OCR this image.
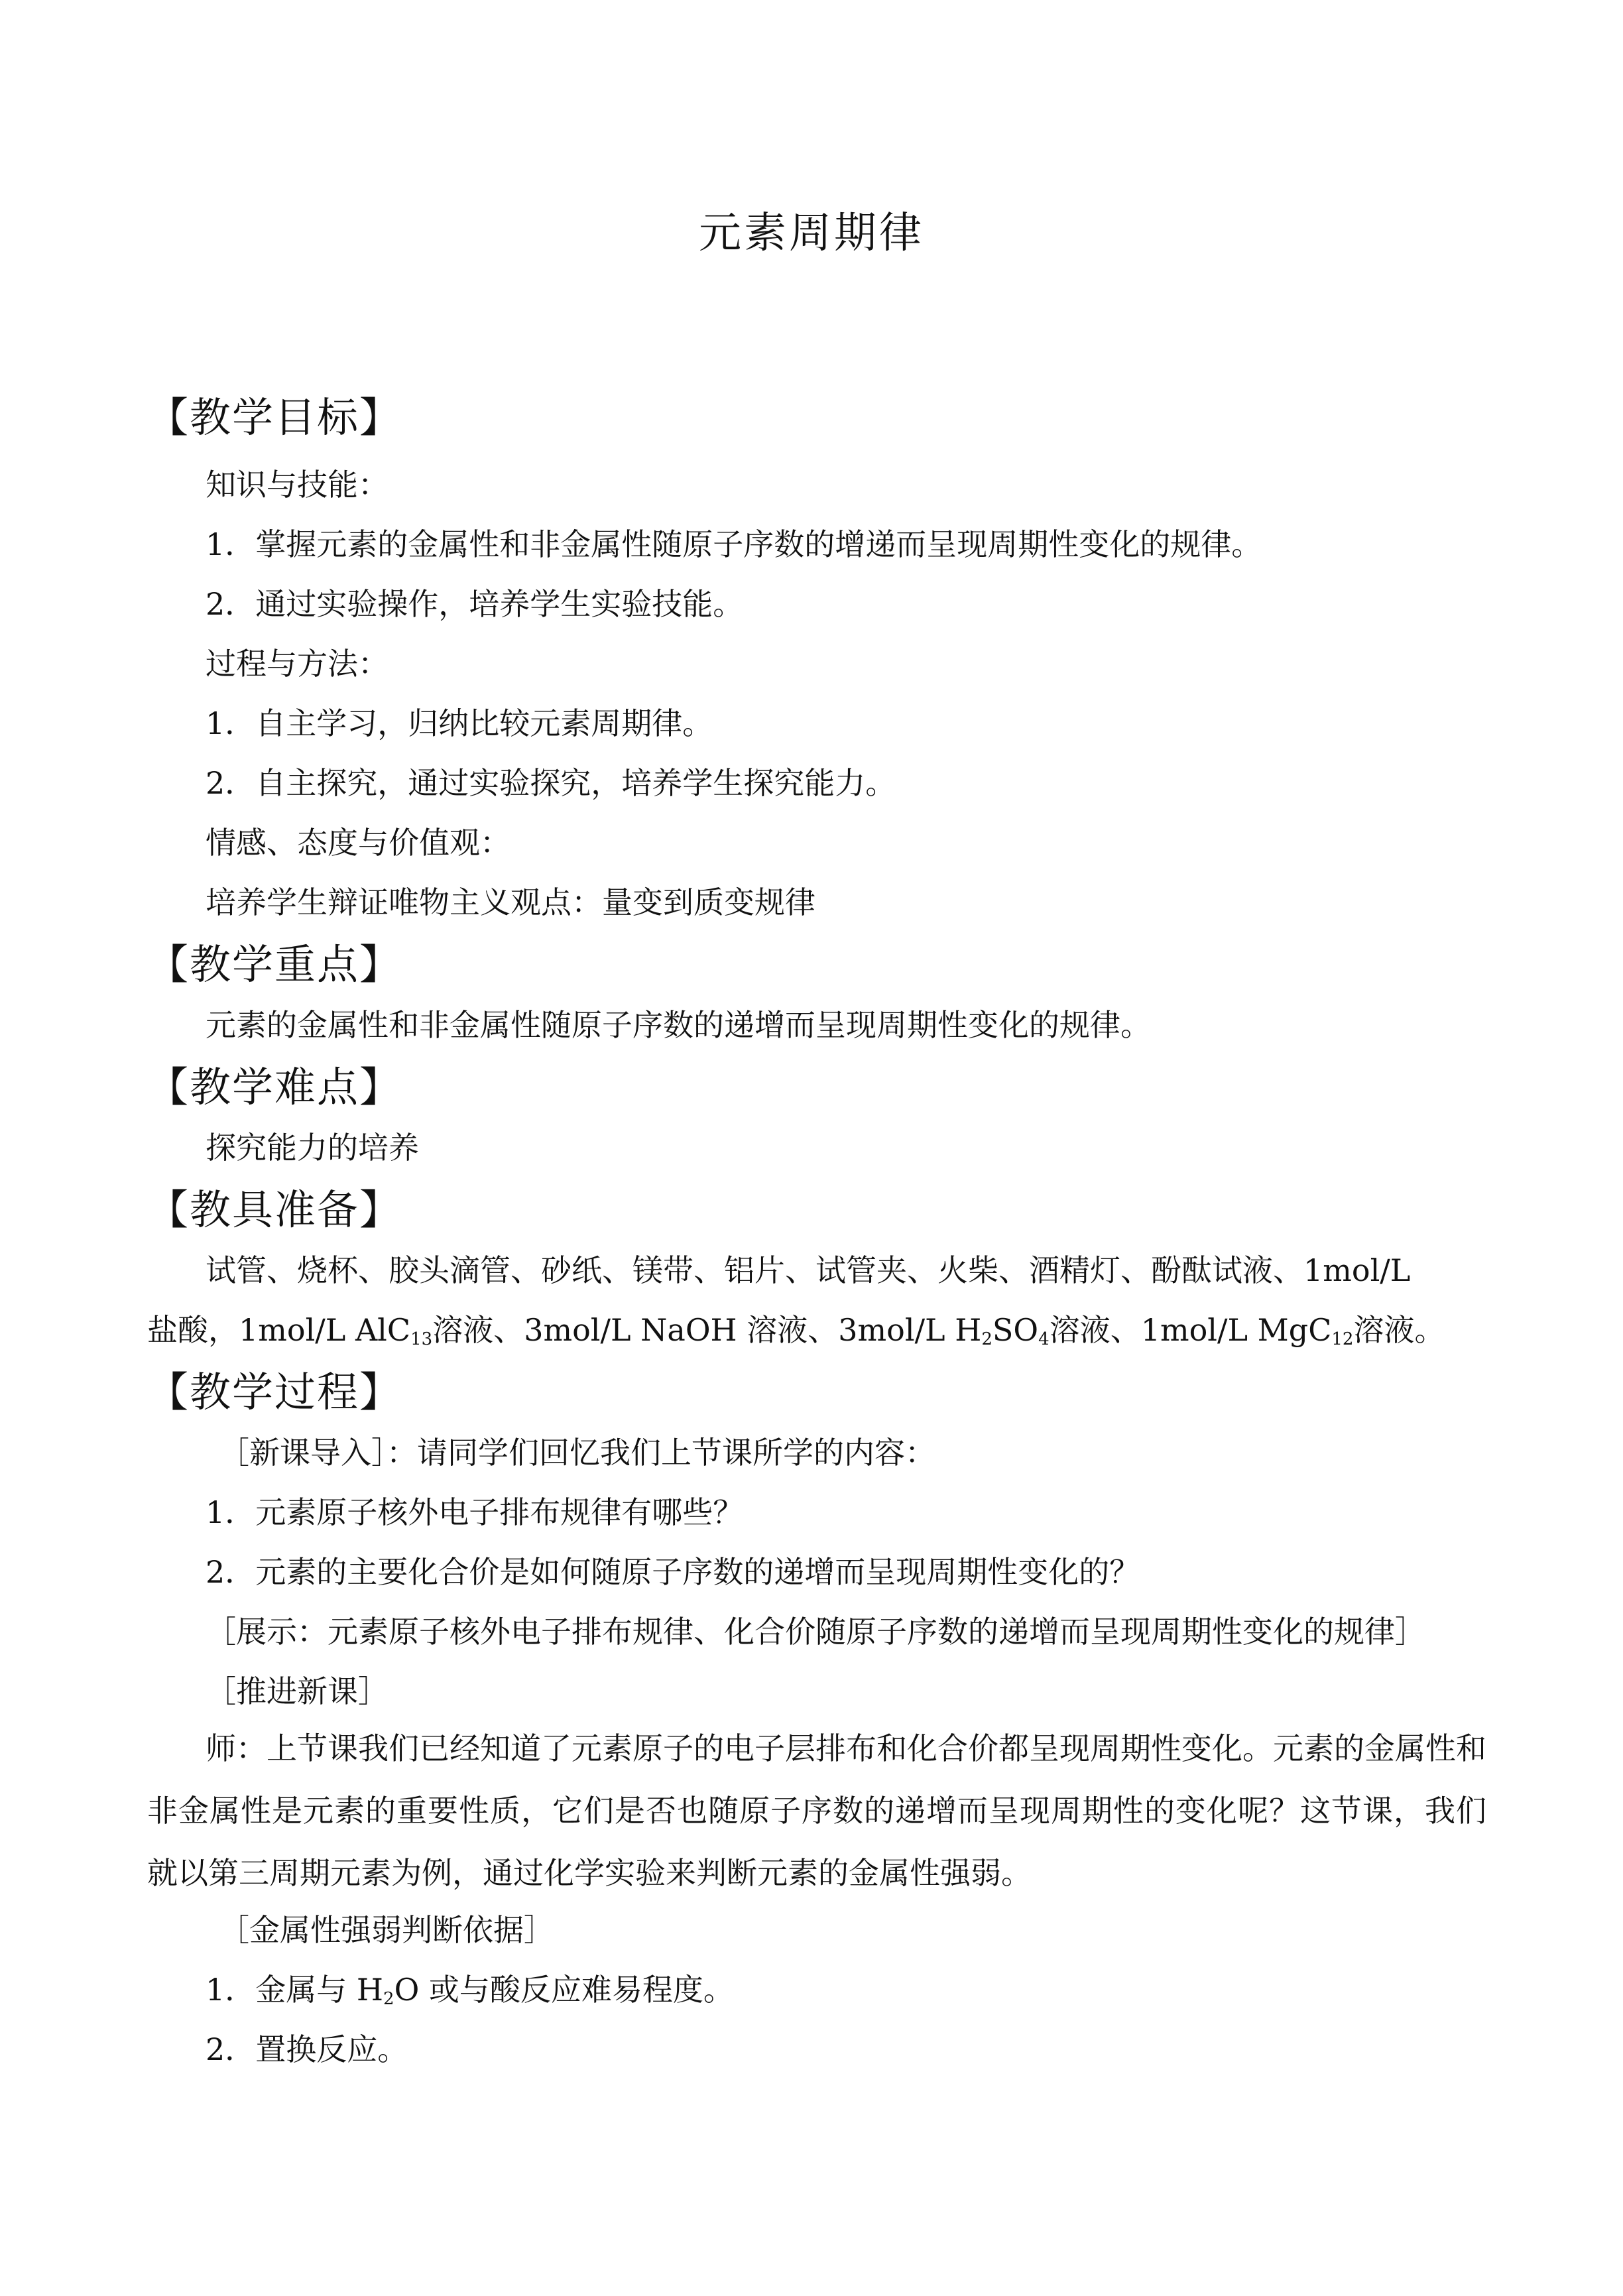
元素周期律
【教学目标】
知识与技能：
1．掌握元素的金属性和非金属性随原子序数的增递而呈现周期性变化的规律。
2．通过实验操作，培养学生实验技能。
过程与方法：
1．自主学习，归纳比较元素周期律。
2．自主探究，通过实验探究，培养学生探究能力。
情感、态度与价值观：
培养学生辩证唯物主义观点：量变到质变规律
【教学重点】
元素的金属性和非金属性随原子序数的递增而呈现周期性变化的规律。
【教学难点】
探究能力的培养
【教具准备】
试管、烧杯、胶头滴管、砂纸、镁带、铝片、试管夹、火柴、酒精灯、酚酞试液、1mol/L
盐酸，1mol/L AlC$_{13}$溶液、3mol/L NaOH 溶液、3mol/L $H_2SO_4$溶液、1mol/L MgC$_{12}$溶液。
【教学过程】
［新课导入］：请同学们回忆我们上节课所学的内容：
1．元素原子核外电子排布规律有哪些？
2．元素的主要化合价是如何随原子序数的递增而呈现周期性变化的？
［展示：元素原子核外电子排布规律、化合价随原子序数的递增而呈现周期性变化的规律］
［推进新课］
师：上节课我们已经知道了元素原子的电子层排布和化合价都呈现周期性变化。元素的金属性和非金属性是元素的重要性质，它们是否也随原子序数的递增而呈现周期性的变化呢？这节课，我们就以第三周期元素为例，通过化学实验来判断元素的金属性强弱。
［金属性强弱判断依据］
1．金属与 $H_2O$ 或与酸反应难易程度。
2．置换反应。
